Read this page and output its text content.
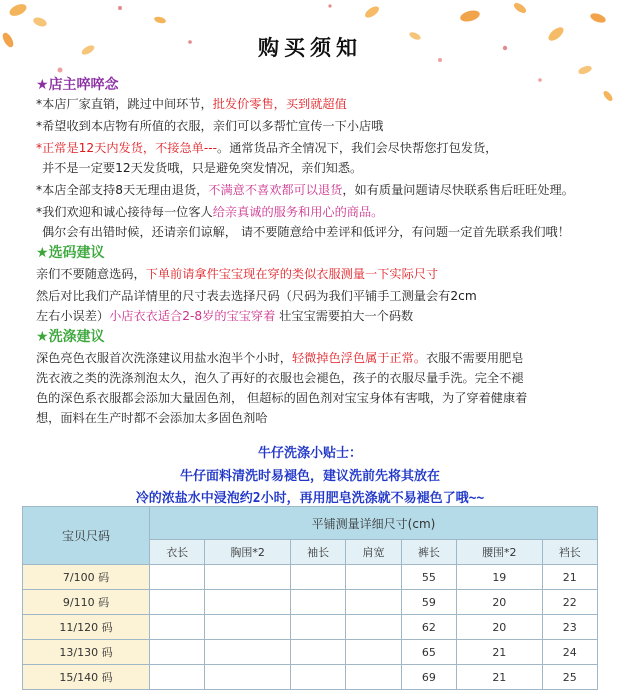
购买须知
★店主啐啐念
*本店厂家直销，跳过中间环节，批发价零售，买到就超值
*希望收到本店物有所值的衣服，亲们可以多帮忙宣传一下小店哦
*正常是12天内发货，不接急单---。通常货品齐全情况下，我们会尽快帮您打包发货，
并不是一定要12天发货哦，只是避免突发情况，亲们知悉。
*本店全部支持8天无理由退货，不满意不喜欢都可以退货，如有质量问题请尽快联系售后旺旺处理。
*我们欢迎和诚心接待每一位客人给亲真诚的服务和用心的商品。
偶尔会有出错时候，还请亲们谅解， 请不要随意给中差评和低评分，有问题一定首先联系我们哦！
★选码建议
亲们不要随意选码，下单前请拿件宝宝现在穿的类似衣服测量一下实际尺寸
然后对比我们产品详情里的尺寸表去选择尺码（尺码为我们平铺手工测量会有2cm
左右小误差）小店衣衣适合2-8岁的宝宝穿着 壮宝宝需要拍大一个码数
★洗涤建议
深色亮色衣服首次洗涤建议用盐水泡半个小时，轻微掉色浮色属于正常。衣服不需要用肥皂
洗衣液之类的洗涤剂泡太久，泡久了再好的衣服也会褪色，孩子的衣服尽量手洗。完全不褪
色的深色系衣服都会添加大量固色剂， 但超标的固色剂对宝宝身体有害哦，为了穿着健康着
想，面料在生产时都不会添加太多固色剂哈
牛仔洗涤小贴士：
牛仔面料清洗时易褪色，建议洗前先将其放在
冷的浓盐水中浸泡约2小时，再用肥皂洗涤就不易褪色了哦~~
宝贝尺码	平铺测量详细尺寸(cm)						
	衣长	胸围*2	袖长	肩宽	裤长	腰围*2	裆长
7/100 码					55	19	21
9/110 码					59	20	22
11/120 码					62	20	23
13/130 码					65	21	24
15/140 码					69	21	25
